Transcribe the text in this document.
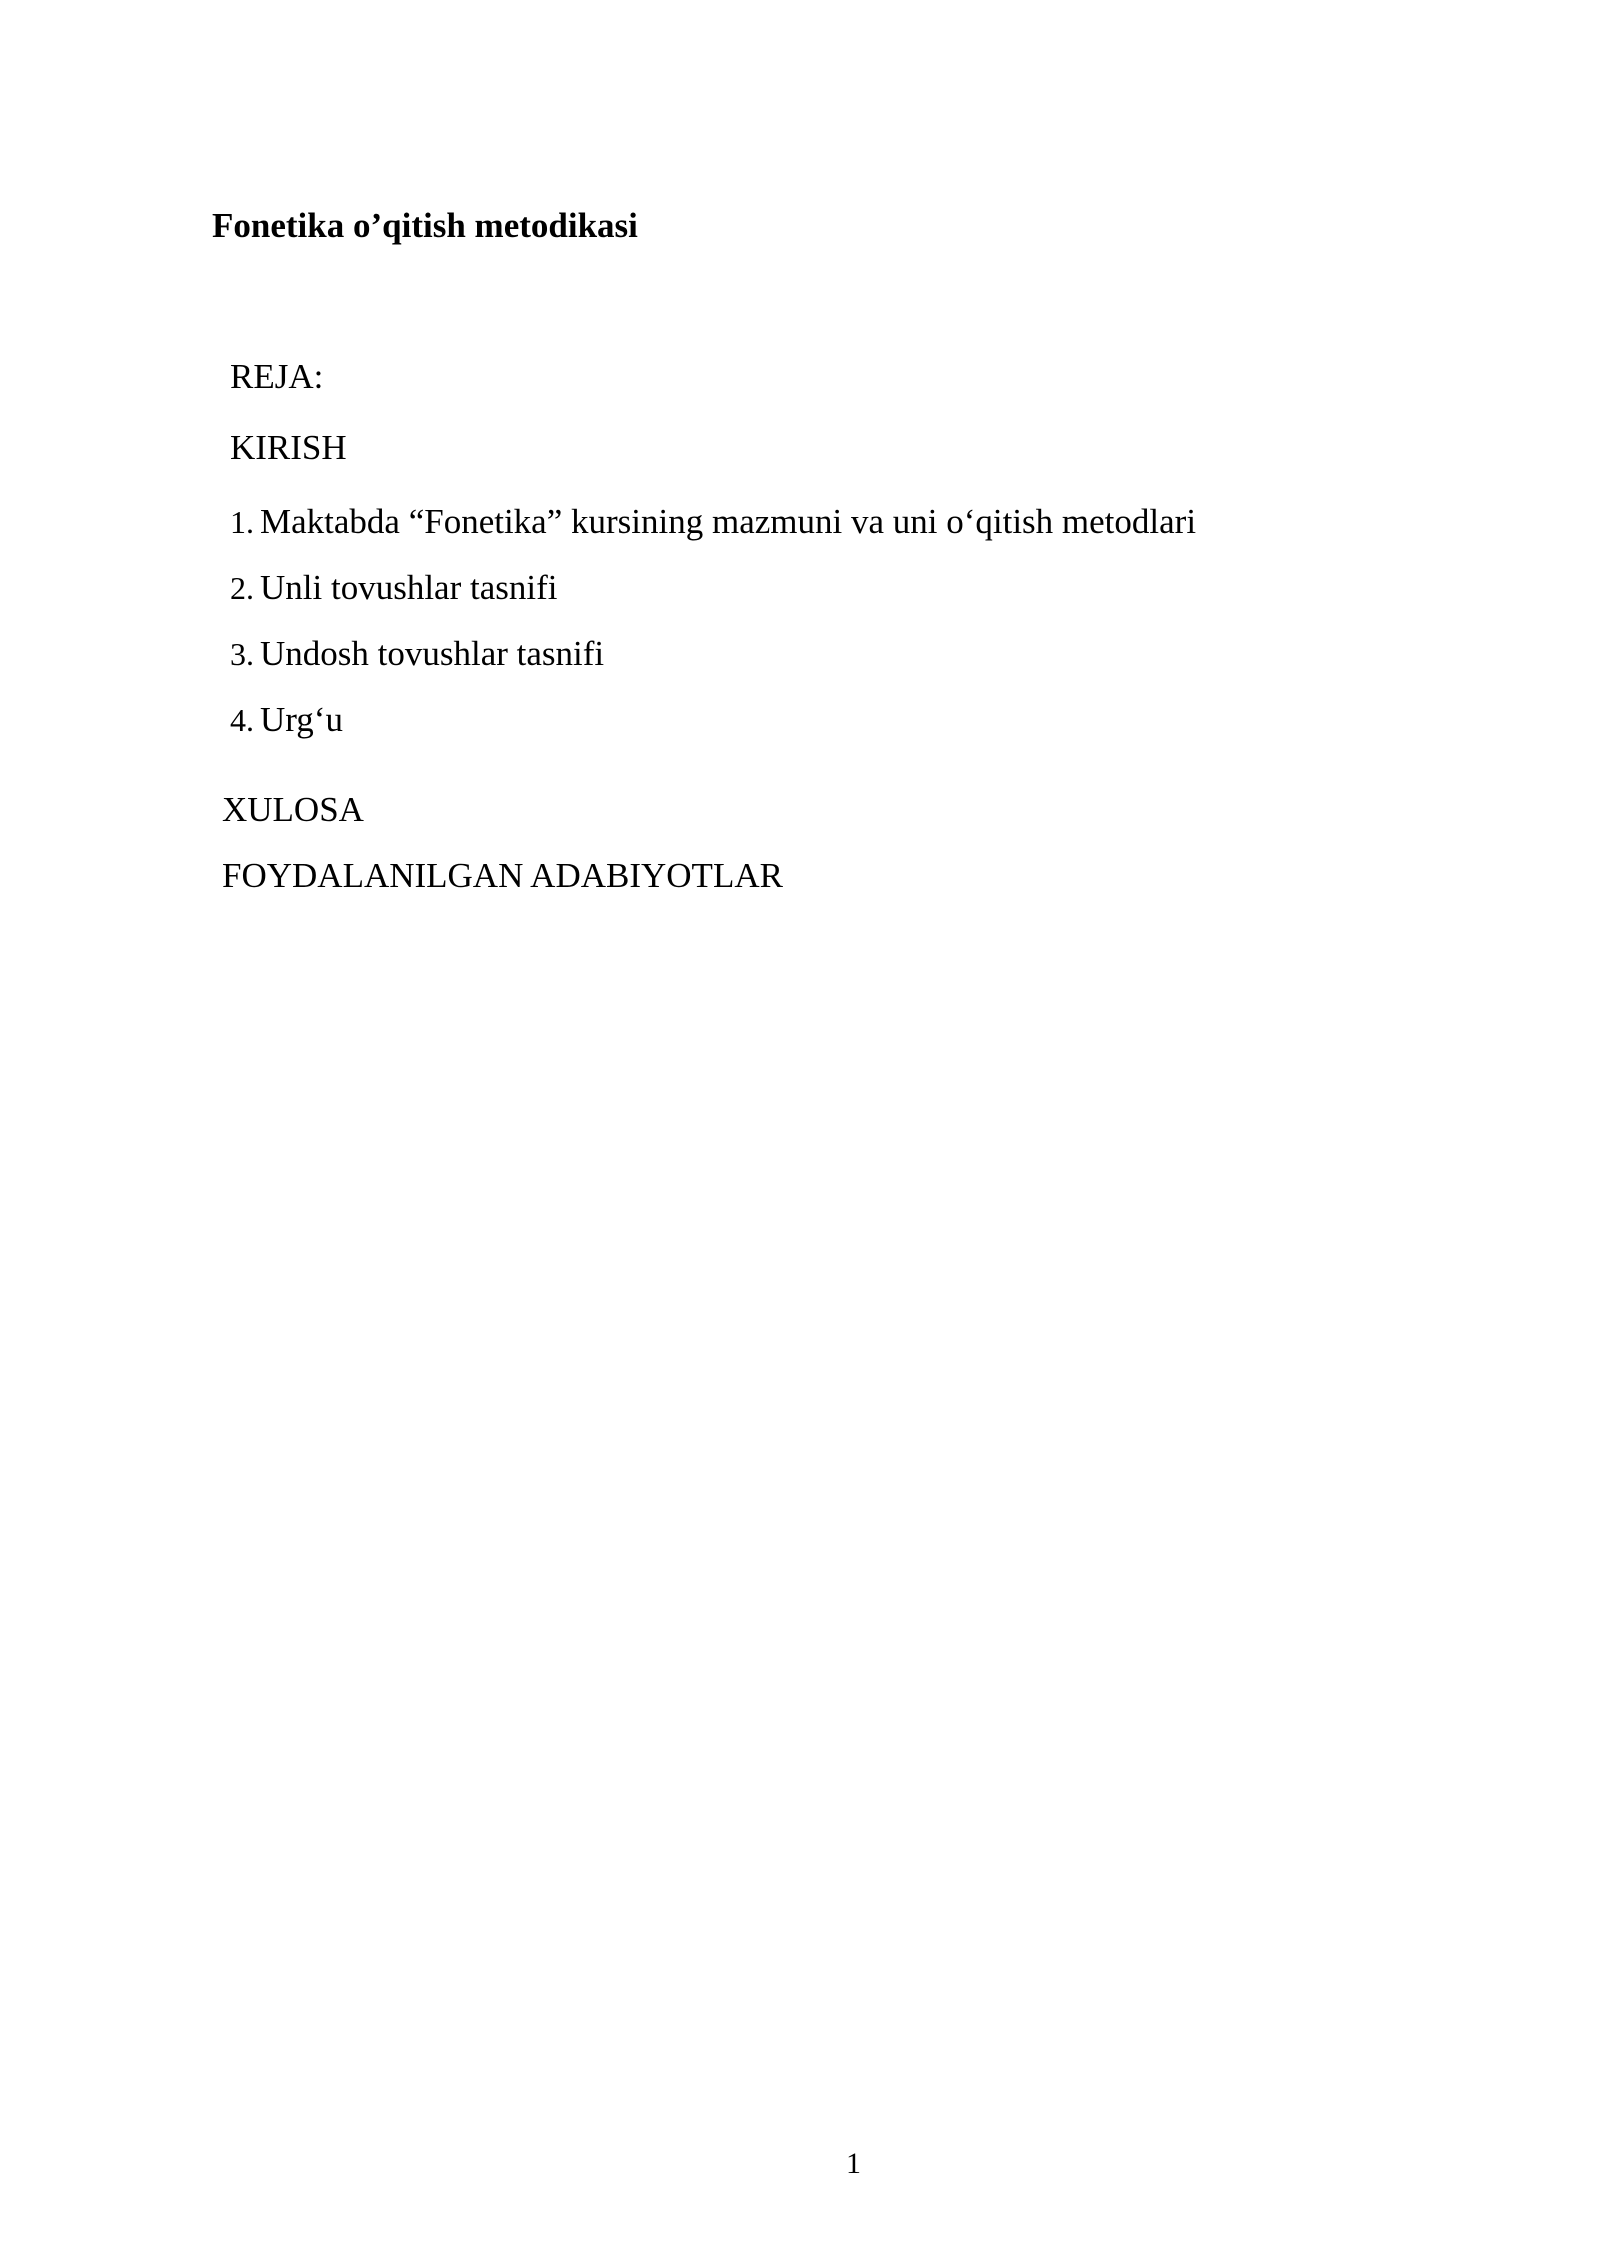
Fonetika o’qitish metodikasi
REJA:
KIRISH
1. Maktabda “Fonetika” kursining mazmuni va uni o‘qitish metodlari
2. Unli tovushlar tasnifi
3. Undosh tovushlar tasnifi
4. Urg‘u
XULOSA
FOYDALANILGAN ADABIYOTLAR
1
